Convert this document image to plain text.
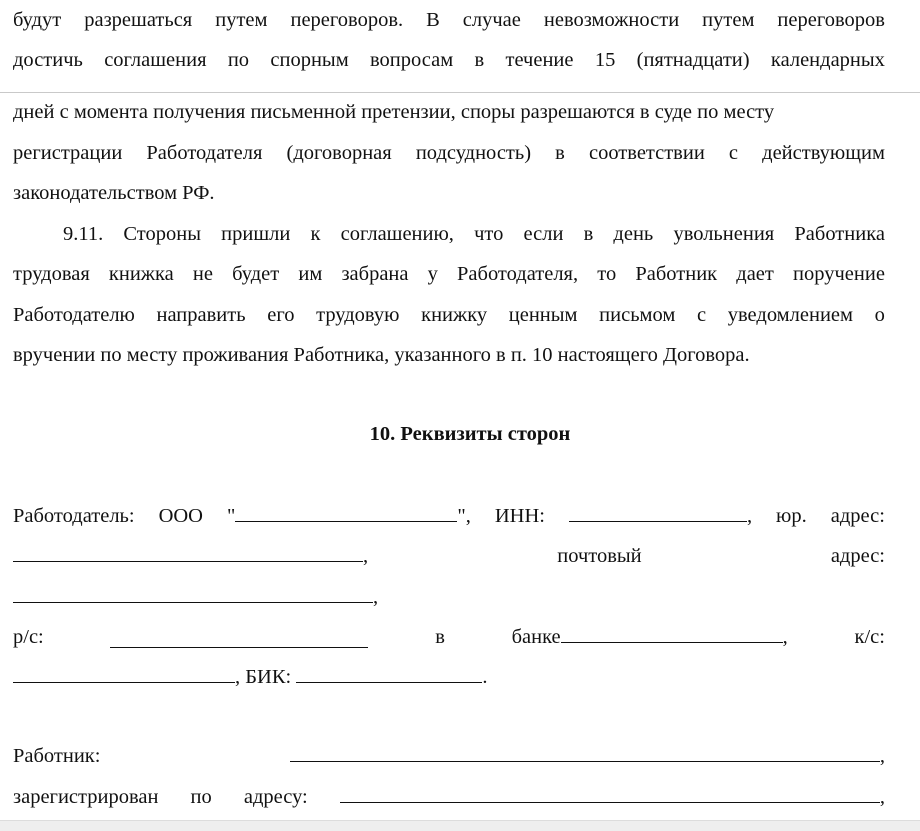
будут разрешаться путем переговоров. В случае невозможности путем переговоров
достичь соглашения по спорным вопросам в течение 15 (пятнадцати) календарных
дней с момента получения письменной претензии, споры разрешаются в суде по месту
регистрации Работодателя (договорная подсудность) в соответствии с действующим
законодательством РФ.
9.11. Стороны пришли к соглашению, что если в день увольнения Работника
трудовая книжка не будет им забрана у Работодателя, то Работник дает поручение
Работодателю направить его трудовую книжку ценным письмом с уведомлением о
вручении по месту проживания Работника, указанного в п. 10 настоящего Договора.
10. Реквизиты сторон
Работодатель: ООО "	", ИНН:	, юр. адрес:
,	почтовый	адрес:
,
р/с:	в	банке	,	к/с:
, БИК:	.
Работник:	,
зарегистрирован по адресу:	,
